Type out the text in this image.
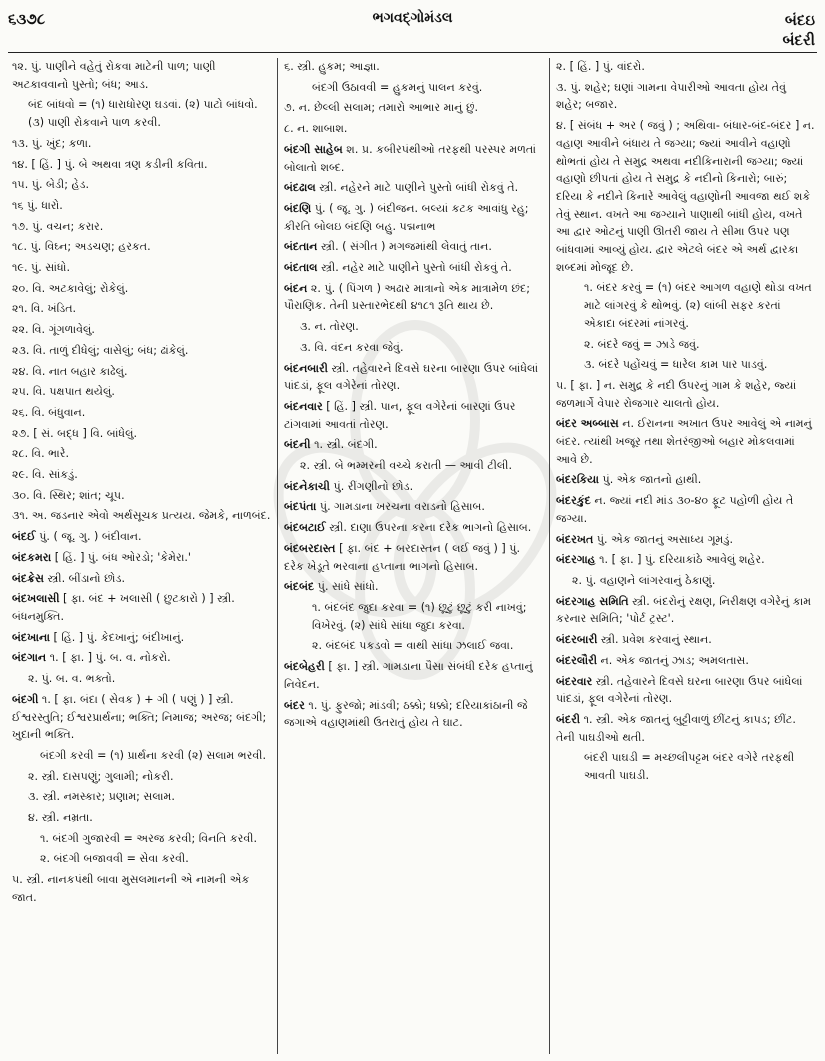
૬૩૭૮	ભગવદ્ગોમંડલ	બંદઇ
બંદરી
૧૨. પું. પાણીને વહેતું રોકવા માટેની પાળ; પાણી અટકાવવાનો પુસ્તો; બંધ; આડ.
બંદ બાંધવો = (૧) ધારાધોરણ ઘડવાં. (૨) પાટો બાંધવો. (૩) પાણી રોકવાને પાળ કરવી.
૧૩. પું. ખુંદ; કળા.
૧૪. [ હિં. ] પું. બે અથવા ત્રણ કડીની કવિતા.
૧૫. પું. બેડી; હેડ.
૧૬ પું. ધારો.
૧૭. પું. વચન; કરાર.
૧૮. પું. વિઘ્ન; અડચણ; હરકત.
૧૯. પું. સાંધો.
૨૦. વિ. અટકાવેલું; રોકેલું.
૨૧. વિ. ખંડિત.
૨૨. વિ. ગૂંગળાવેલું.
૨૩. વિ. તાળું દીધેલું; વાસેલું; બંધ; ઢાંકેલું.
૨૪. વિ. નાત બહાર કાઢેલું.
૨૫. વિ. પક્ષપાત થયેલું.
૨૬. વિ. બંધુવાન.
૨૭. [ સં. બદ્ધ ] વિ. બાંધેલું.
૨૮. વિ. ભારે.
૨૯. વિ. સાંકડું.
૩૦. વિ. સ્થિર; શાંત; ચૂપ.
૩૧. અ. જડનાર એવો અર્થસૂચક પ્રત્યય. જેમકે, નાળબંદ.
બંદઈ પું. ( જૂ. ગુ. ) બંદીવાન.
બંદકમરા [ હિં. ] પું. બંધ ઓરડો; 'કેમેરા.'
બંદક્રેસ સ્ત્રી. બીંડાનો છોડ.
બંદખલાસી [ ફા. બંદ + ખલાસી ( છુટકારો ) ] સ્ત્રી. બંધનમુક્તિ.
બંદખાના [ હિં. ] પું. કેદખાનું; બંદીખાનું.
બંદગાન ૧. [ ફા. ] પું. બ. વ. નોકરો.
૨. પું. બ. વ. ભક્તો.
બંદગી ૧. [ ફા. બંદા ( સેવક ) + ગી ( પણું ) ] સ્ત્રી. ઈશ્વરસ્તુતિ; ઈશ્વરપ્રાર્થના; ભક્તિ; નિમાજ; અરજ; બંદગી; ખુદાની ભક્તિ.
બંદગી કરવી = (૧) પ્રાર્થના કરવી (૨) સલામ ભરવી.
૨. સ્ત્રી. દાસપણું; ગુલામી; નોકરી.
૩. સ્ત્રી. નમસ્કાર; પ્રણામ; સલામ.
૪. સ્ત્રી. નમ્રતા.
૧. બંદગી ગુજારવી = અરજ કરવી; વિનતિ કરવી.
૨. બંદગી બજાવવી = સેવા કરવી.
૫. સ્ત્રી. નાનકપંથી બાવા મુસલમાનની એ નામની એક જાત.
૬. સ્ત્રી. હુકમ; આજ્ઞા.
બંદગી ઉઠાવવી = હુકમનું પાલન કરવું.
૭. ન. છેલ્લી સલામ; તમારો આભાર માનું છું.
૮. ન. શાબાશ.
બંદગી સાહેબ શ. પ્ર. કબીરપંથીઓ તરફથી પરસ્પર મળતાં બોલાતો શબ્દ.
બંદઢાલ સ્ત્રી. નહેરને માટે પાણીને પુસ્તો બાંધી રોકવું તે.
બંદણિ પું. ( જૂ. ગુ. ) બંદીજન. બલ્યાં કટક આવાંધુ રહુ; કીરતિ બોલઇ બંદણિ બહુ. પદ્મનાભ
બંદતાન સ્ત્રી. ( સંગીત ) મગજમાંથી લેવાતું તાન.
બંદતાલ સ્ત્રી. નહેર માટે પાણીને પુસ્તો બાંધી રોકવું તે.
બંદન ૨. પું. ( પિંગળ ) અઢાર માત્રાનો એક માત્રામેળ છંદ; પૌરાણિક. તેની પ્રસ્તારભેદથી ૪૧૮૧ રૂતિ થાય છે.
૩. ન. તોરણ.
૩. વિ. વંદન કરવા જેવું.
બંદનબારી સ્ત્રી. તહેવારને દિવસે ઘરના બારણા ઉપર બાંધેલાં પાંદડાં, ફૂલ વગેરેનાં તોરણ.
બંદનવાર [ હિં. ] સ્ત્રી. પાન, ફૂલ વગેરેનાં બારણાં ઉપર ટાંગવામાં આવતાં તોરણ.
બંદની ૧. સ્ત્રી. બંદગી.
૨. સ્ત્રી. બે ભમ્મરની વચ્ચે કરાતી — આવી ટીલી.
બંદનેકાચી પું. રીંગણીનો છોડ.
બંદપંતા પું. ગામડાના ખરચના વરાડનો હિસાબ.
બંદબટાઈ સ્ત્રી. દાણા ઉપરના કરના દરેક ભાગનો હિસાબ.
બંદબરદાસ્ત [ ફા. બંદ + બરદાસ્તન ( લઈ જવું ) ] પું. દરેક ખેડૂતે ભરવાના હપ્તાના ભાગનો હિસાબ.
બંદબંદ પું. સાંધે સાંધો.
૧. બંદબંદ જુદા કરવા = (૧) છૂટું છૂટું કરી નાખવું; વિખેરવું. (૨) સાંધે સાંધા જુદા કરવા.
૨. બંદબંદ પકડવો = વાથી સાંધા ઝલાઈ જવા.
બંદબેહરી [ ફા. ] સ્ત્રી. ગામડાના પૈસા સંબંધી દરેક હપ્તાનું નિવેદન.
બંદર ૧. પું. ફુરજો; માંડવી; ઠક્કો; ધક્કો; દરિયાકાંઠાની જે જગાએ વહાણમાંથી ઉતરાતું હોય તે ઘાટ.
૨. [ હિં. ] પું. વાંદરો.
૩. પું. શહેર; ઘણાં ગામના વેપારીઓ આવતા હોય તેવું શહેર; બજાર.
૪. [ સંબંધ + અર ( જવું ) ; અથિવા- બંધાર-બંદ-બંદર ] ન. વહાણ આવીને બંધાય તે જગ્યા; જ્યાં આવીને વહાણો થોભતાં હોય તે સમુદ્ર અથવા નદીકિનારાની જગ્યા; જ્યાં વહાણો છીપતાં હોય તે સમુદ્ર કે નદીનો કિનારો; બારું; દરિયા કે નદીને કિનારે આવેલું વહાણોની આવજા થઈ શકે તેવું સ્થાન. વખતે આ જગ્યાને પાણાથી બાંધી હોય, વખતે આ દ્વાર ઓટનું પાણી ઊતરી જાય તે સીમા ઉપર પણ બાંધવામાં આવ્યું હોય. દ્વાર એટલે બંદર એ અર્થ દ્વારકા શબ્દમાં મોજૂદ છે.
૧. બંદર કરવું = (૧) બંદર આગળ વહાણે થોડા વખત માટે લાંગરવું કે થોભવું. (૨) લાંબી સફર કરતાં એકાદા બંદરમાં નાંગરવું.
૨. બંદરે જવું = ઝાડે જવું.
૩. બંદરે પહોંચવું = ધારેલ કામ પાર પાડવું.
૫. [ ફા. ] ન. સમુદ્ર કે નદી ઉપરનું ગામ કે શહેર, જ્યાં જળમાર્ગે વેપાર રોજગાર ચાલતો હોય.
બંદર અબ્બાસ ન. ઈરાનના અખાત ઉપર આવેલું એ નામનું બંદર. ત્યાંથી ખજૂર તથા શેતરંજીઓ બહાર મોકલવામાં આવે છે.
બંદરકિયા પું. એક જાતનો હાથી.
બંદરકુંદ ન. જ્યાં નદી માંડ ૩૦-૪૦ ફૂટ પહોળી હોય તે જગ્યા.
બંદરખત પું. એક જાતનું અસાધ્ય ગૂમડું.
બંદરગાહ ૧. [ ફા. ] પું. દરિયાકાંઠે આવેલું શહેર.
૨. પું. વહાણને લાંગરવાનું ઠેકાણું.
બંદરગાહ સમિતિ સ્ત્રી. બંદરોનું રક્ષણ, નિરીક્ષણ વગેરેનું કામ કરનાર સમિતિ; 'પોર્ટ ટ્રસ્ટ'.
બંદરબારી સ્ત્રી. પ્રવેશ કરવાનું સ્થાન.
બંદરલૌરી ન. એક જાતનું ઝાડ; અમલતાસ.
બંદરવાર સ્ત્રી. તહેવારને દિવસે ઘરના બારણા ઉપર બાંધેલાં પાંદડાં, ફૂલ વગેરેનાં તોરણ.
બંદરી ૧. સ્ત્રી. એક જાતનું બુટ્ટીવાળું છીંટનું કાપડ; છીંટ. તેની પાઘડીઓ થતી.
બંદરી પાઘડી = મચ્છલીપટ્ટમ બંદર વગેરે તરફથી આવતી પાઘડી.
